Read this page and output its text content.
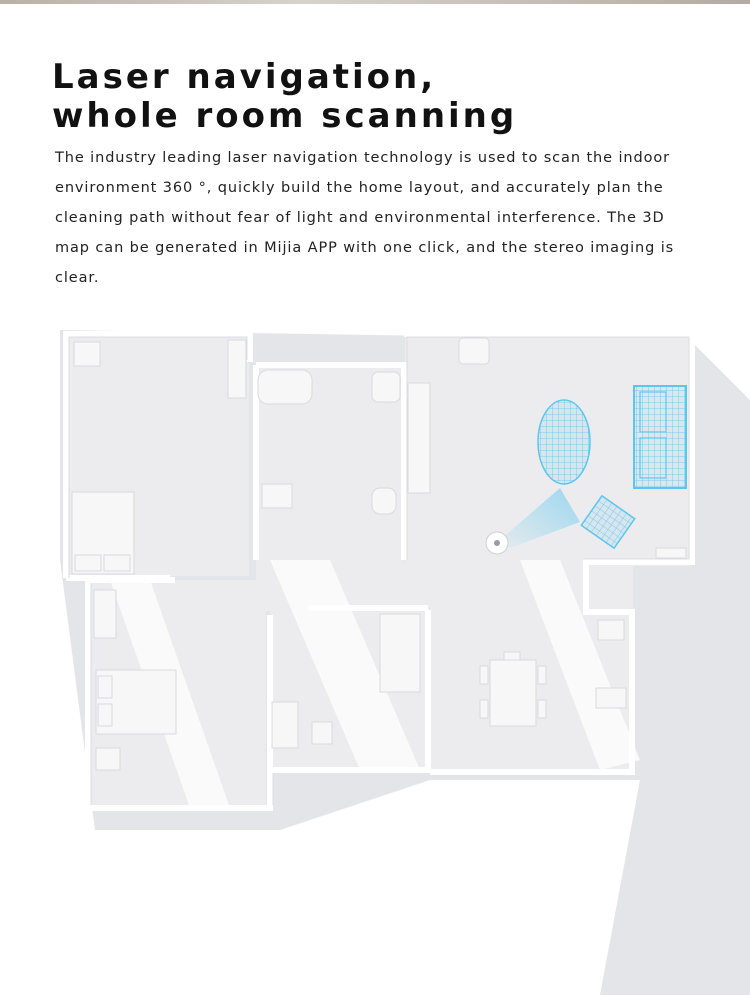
Laser navigation,
whole room scanning

The industry leading laser navigation technology is used to scan the indoor environment 360 °, quickly build the home layout, and accurately plan the cleaning path without fear of light and environmental interference. The 3D map can be generated in Mijia APP with one click, and the stereo imaging is clear.
